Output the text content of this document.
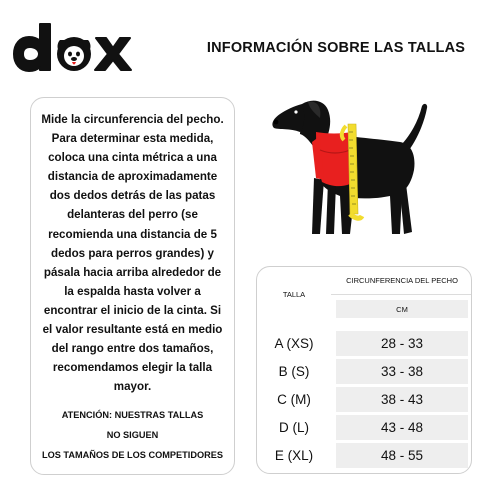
INFORMACIÓN SOBRE LAS TALLAS
Mide la circunferencia del pecho.
Para determinar esta medida,
coloca una cinta métrica a una
distancia de aproximadamente
dos dedos detrás de las patas
delanteras del perro (se
recomienda una distancia de 5
dedos para perros grandes) y
pásala hacia arriba alrededor de
la espalda hasta volver a
encontrar el inicio de la cinta. Si
el valor resultante está en medio
del rango entre dos tamaños,
recomendamos elegir la talla
mayor.
ATENCIÓN: NUESTRAS TALLAS
NO SIGUEN
LOS TAMAÑOS DE LOS COMPETIDORES
TALLA
CIRCUNFERENCIA DEL PECHO
CM
A (XS)	28 - 33
B (S)	33 - 38
C (M)	38 - 43
D (L)	43 - 48
E (XL)	48 - 55
